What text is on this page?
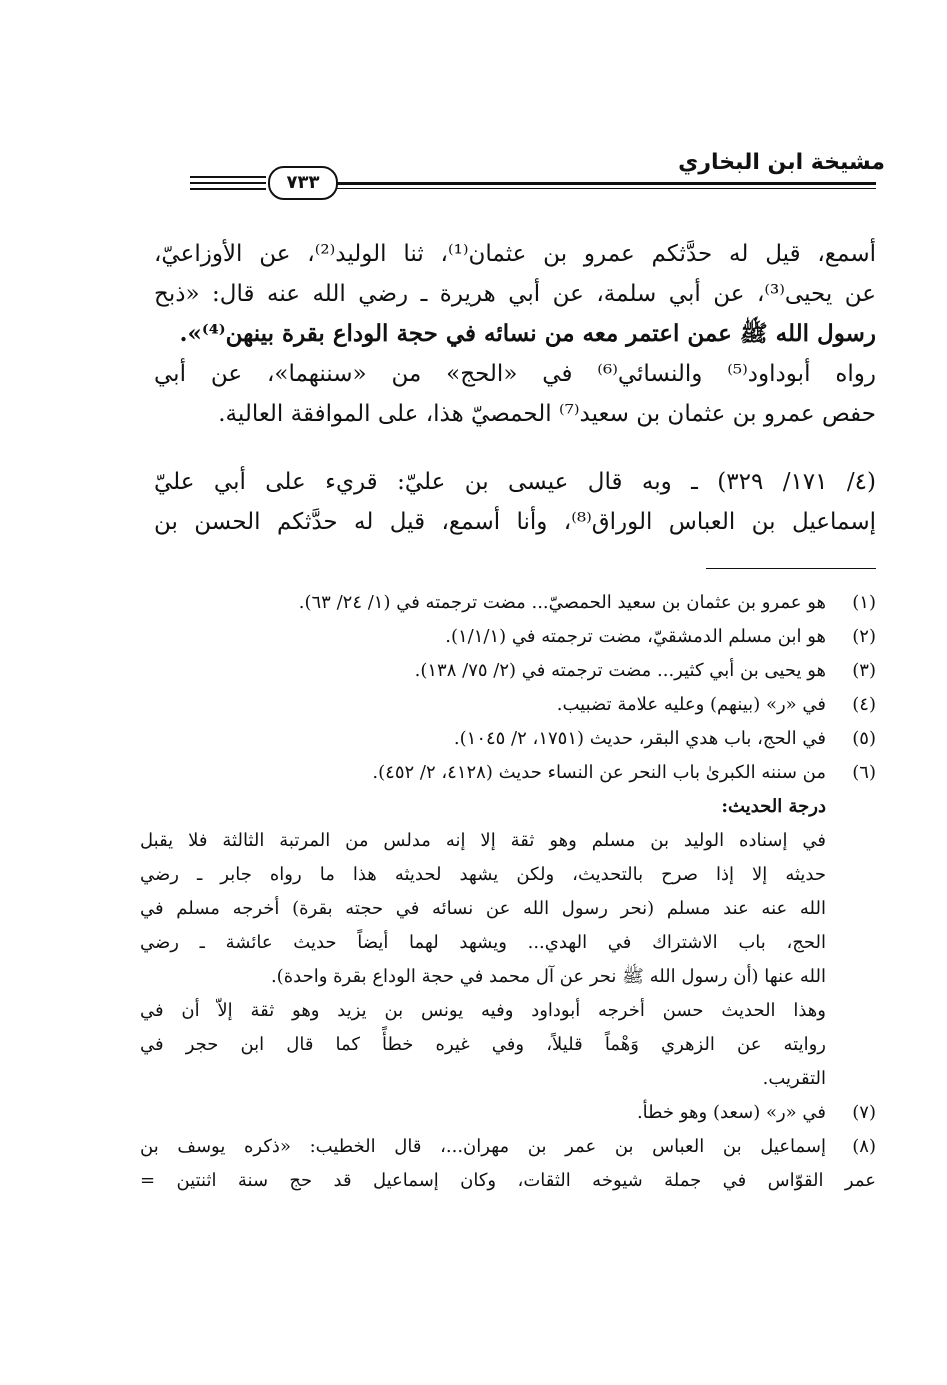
مشيخة ابن البخاري
٧٣٣
أسمع، قيل له حدَّثكم عمرو بن عثمان⁽¹⁾، ثنا الوليد⁽²⁾، عن الأوزاعيّ،
عن يحيى⁽³⁾، عن أبي سلمة، عن أبي هريرة ـ رضي الله عنه قال: «ذبح
رسول الله ﷺ عمن اعتمر معه من نسائه في حجة الوداع بقرة بينهن⁽⁴⁾».
رواه أبوداود⁽⁵⁾ والنسائي⁽⁶⁾ في «الحج» من «سننهما»، عن أبي
حفص عمرو بن عثمان بن سعيد⁽⁷⁾ الحمصيّ هذا، على الموافقة العالية.
(٤/ ١٧١/ ٣٢٩) ـ وبه قال عيسى بن عليّ: قريء على أبي عليّ
إسماعيل بن العباس الوراق⁽⁸⁾، وأنا أسمع، قيل له حدَّثكم الحسن بن
(١)
هو عمرو بن عثمان بن سعيد الحمصيّ... مضت ترجمته في (١/ ٢٤/ ٦٣).
(٢)
هو ابن مسلم الدمشقيّ، مضت ترجمته في (١/١/١).
(٣)
هو يحيى بن أبي كثير... مضت ترجمته في (٢/ ٧٥/ ١٣٨).
(٤)
في «ر» (بينهم) وعليه علامة تضبيب.
(٥)
في الحج، باب هدي البقر، حديث (١٧٥١، ٢/ ١٠٤٥).
(٦)
من سننه الكبرىٰ باب النحر عن النساء حديث (٤١٢٨، ٢/ ٤٥٢).
درجة الحديث:
في إسناده الوليد بن مسلم وهو ثقة إلا إنه مدلس من المرتبة الثالثة فلا يقبل
حديثه إلا إذا صرح بالتحديث، ولكن يشهد لحديثه هذا ما رواه جابر ـ رضي
الله عنه عند مسلم (نحر رسول الله عن نسائه في حجته بقرة) أخرجه مسلم في
الحج، باب الاشتراك في الهدي... ويشهد لهما أيضاً حديث عائشة ـ رضي
الله عنها (أن رسول الله ﷺ نحر عن آل محمد في حجة الوداع بقرة واحدة).
وهذا الحديث حسن أخرجه أبوداود وفيه يونس بن يزيد وهو ثقة إلاّ أن في
روايته عن الزهري وَهْماً قليلاً، وفي غيره خطأً كما قال ابن حجر في
التقريب.
(٧)
في «ر» (سعد) وهو خطأ.
(٨)
إسماعيل بن العباس بن عمر بن مهران...، قال الخطيب: «ذكره يوسف بن
عمر القوّاس في جملة شيوخه الثقات، وكان إسماعيل قد حج سنة اثنتين =
